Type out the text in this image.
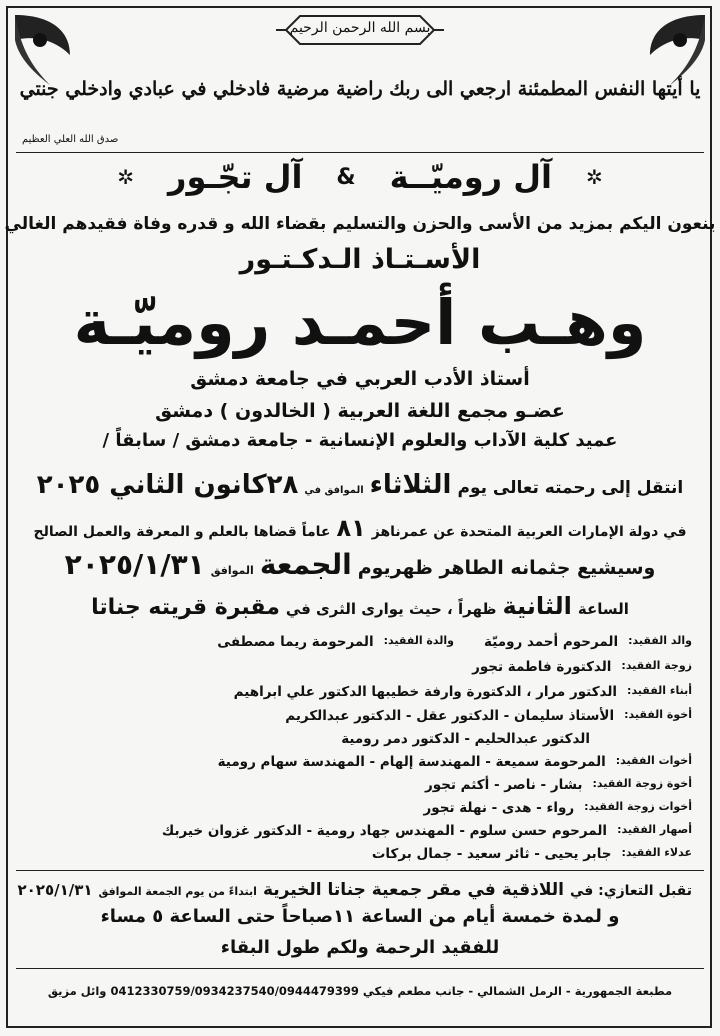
بسم الله الرحمن الرحيم
يا أيتها النفس المطمئنة ارجعي الى ربك راضية مرضية فادخلي في عبادي وادخلي جنتي
صدق الله العلي العظيم
✲
آل روميّــة
&
آل تجّـور
✲
ينعون اليكم بمزيد من الأسى والحزن والتسليم بقضاء الله و قدره وفاة فقيدهم الغالي
الأسـتـاذ الـدكـتـور
وهـب أحمـد روميّـة
أستاذ الأدب العربي في جامعة دمشق
عضـو مجمع اللغة العربية ( الخالدون ) دمشق
عميد كلية الآداب والعلوم الإنسانية - جامعة دمشق / سابقاً /
انتقل إلى رحمته تعالى يوم
الثلاثاء
الموافق في
٢٨كانون الثاني ٢٠٢٥
في دولة الإمارات العربية المتحدة عن عمرناهز
٨١
عاماً قضاها بالعلم و المعرفة والعمل الصالح
وسيشيع جثمانه الطاهر ظهريوم
الجمعة
الموافق
٢٠٢٥/١/٣١
الساعة
الثانية
ظهراً ، حيث يوارى الثرى في
مقبرة قريته جناتا
والد الفقيد:
المرحوم أحمد روميّة
والدة الفقيد:
المرحومة ريما مصطفى
زوجة الفقيد:
الدكتورة فاطمة تجور
أبناء الفقيد:
الدكتور مرار ، الدكتورة وارفة خطيبها الدكتور علي ابراهيم
أخوة الفقيد:
الأستاذ سليمان - الدكتور عقل - الدكتور عبدالكريم
الدكتور عبدالحليم - الدكتور دمر رومية
أخوات الفقيد:
المرحومة سميعة - المهندسة إلهام - المهندسة سهام رومية
أخوة زوجة الفقيد:
بشار - ناصر - أكثم تجور
أخوات زوجة الفقيد:
رواء - هدى - نهلة تجور
أصهار الفقيد:
المرحوم حسن سلوم - المهندس جهاد رومية - الدكتور غزوان خيربك
عدلاء الفقيد:
جابر يحيى - ثائر سعيد - جمال بركات
تقبل التعازي: في
اللاذقية في مقر جمعية جناتا الخيرية
ابتداءً من يوم الجمعة الموافق
٢٠٢٥/١/٣١
و لمدة خمسة أيام من الساعة ١١صباحاً حتى الساعة ٥ مساء
للفقيد الرحمة ولكم طول البقاء
مطبعة الجمهورية - الرمل الشمالي - جانب مطعم فيكي 0412330759/0934237540/0944479399 وائل مزيق
